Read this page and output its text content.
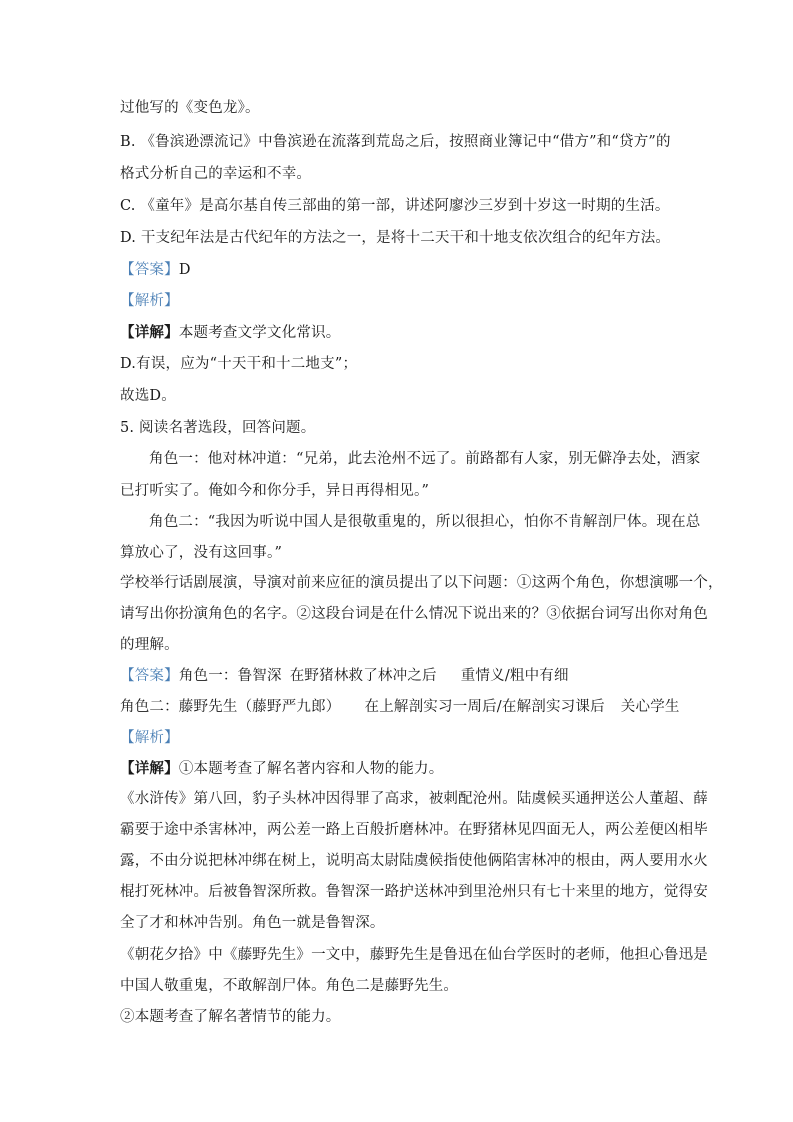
过他写的《变色龙》。
B. 《鲁滨逊漂流记》中鲁滨逊在流落到荒岛之后，按照商业簿记中“借方”和“贷方”的
格式分析自己的幸运和不幸。
C. 《童年》是高尔基自传三部曲的第一部，讲述阿廖沙三岁到十岁这一时期的生活。
D. 干支纪年法是古代纪年的方法之一，是将十二天干和十地支依次组合的纪年方法。
【答案】D
【解析】
【详解】本题考查文学文化常识。
D.有误，应为“十天干和十二地支”；
故选D。
5. 阅读名著选段，回答问题。
角色一：他对林冲道：“兄弟，此去沧州不远了。前路都有人家，别无僻净去处，酒家
已打听实了。俺如今和你分手，异日再得相见。”
角色二：“我因为听说中国人是很敬重鬼的，所以很担心，怕你不肯解剖尸体。现在总
算放心了，没有这回事。”
学校举行话剧展演，导演对前来应征的演员提出了以下问题：①这两个角色，你想演哪一个，
请写出你扮演角色的名字。②这段台词是在什么情况下说出来的？③依据台词写出你对角色
的理解。
【答案】角色一：鲁智深 在野猪林救了林冲之后 重情义/粗中有细
角色二：藤野先生（藤野严九郎） 在上解剖实习一周后/在解剖实习课后 关心学生
【解析】
【详解】①本题考查了解名著内容和人物的能力。
《水浒传》第八回，豹子头林冲因得罪了高求，被刺配沧州。陆虞候买通押送公人董超、薛
霸要于途中杀害林冲，两公差一路上百般折磨林冲。在野猪林见四面无人，两公差便凶相毕
露，不由分说把林冲绑在树上，说明高太尉陆虞候指使他俩陷害林冲的根由，两人要用水火
棍打死林冲。后被鲁智深所救。鲁智深一路护送林冲到里沧州只有七十来里的地方，觉得安
全了才和林冲告别。角色一就是鲁智深。
《朝花夕拾》中《藤野先生》一文中，藤野先生是鲁迅在仙台学医时的老师，他担心鲁迅是
中国人敬重鬼，不敢解剖尸体。角色二是藤野先生。
②本题考查了解名著情节的能力。
